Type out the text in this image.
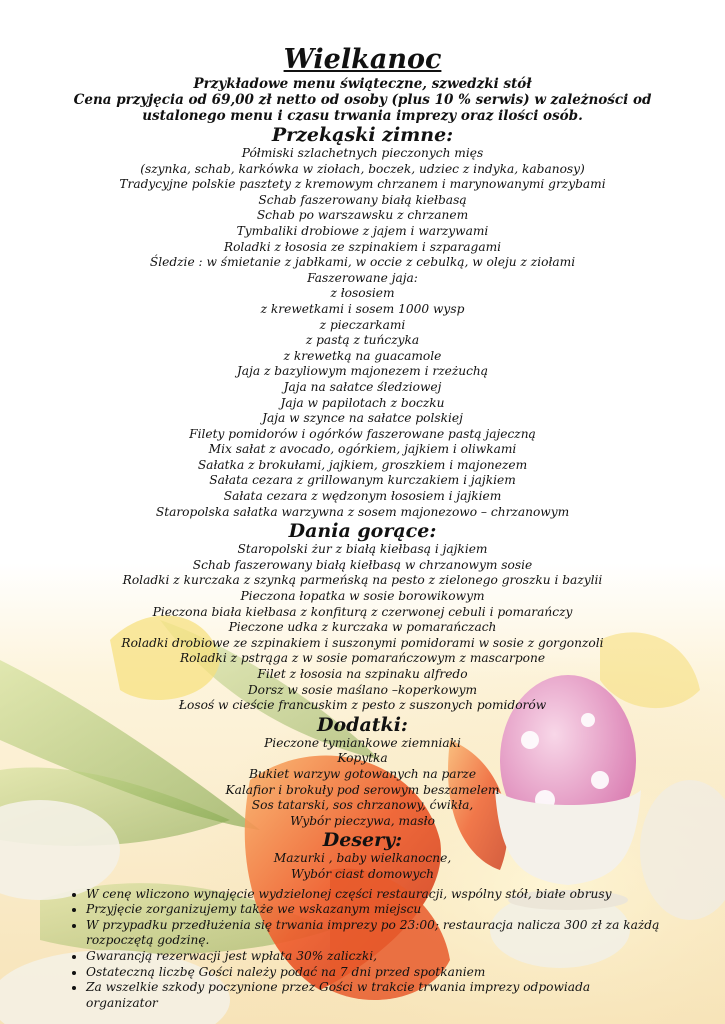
Wielkanoc

Przykładowe menu świąteczne, szwedzki stół

Cena przyjęcia od 69,00 zł netto od osoby (plus 10 % serwis) w zależności od ustalonego menu i czasu trwania imprezy oraz ilości osób.

Przekąski zimne:
Półmiski szlachetnych pieczonych mięs
(szynka, schab, karkówka w ziołach, boczek, udziec z indyka, kabanosy)
Tradycyjne polskie pasztety z kremowym chrzanem i marynowanymi grzybami
Schab faszerowany białą kiełbasą
Schab po warszawsku z chrzanem
Tymbaliki drobiowe z jajem i warzywami
Roladki z łososia ze szpinakiem i szparagami
Śledzie : w śmietanie z jabłkami, w occie z cebulką, w oleju z ziołami
Faszerowane jaja:
z łososiem
z krewetkami i sosem 1000 wysp
z pieczarkami
z pastą z tuńczyka
z krewetką na guacamole
Jaja z bazyliowym majonezem i rzeżuchą
Jaja na sałatce śledziowej
Jaja w papilotach z boczku
Jaja w szynce na sałatce polskiej
Filety pomidorów i ogórków faszerowane pastą jajeczną
Mix sałat z avocado, ogórkiem, jajkiem i oliwkami
Sałatka z brokułami, jajkiem, groszkiem i majonezem
Sałata cezara z grillowanym kurczakiem i jajkiem
Sałata cezara z wędzonym łososiem i jajkiem
Staropolska sałatka warzywna z sosem majonezowo – chrzanowym
Dania gorące:
Staropolski żur z białą kiełbasą i jajkiem
Schab faszerowany białą kiełbasą w chrzanowym sosie
Roladki z kurczaka z szynką parmeńską na pesto z zielonego groszku i bazylii
Pieczona łopatka w sosie borowikowym
Pieczona biała kiełbasa z konfiturą z czerwonej cebuli i pomarańczy
Pieczone udka z kurczaka w pomarańczach
Roladki drobiowe ze szpinakiem i suszonymi pomidorami w sosie z gorgonzoli
Roladki z pstrąga z w sosie pomarańczowym z mascarpone
Filet z łososia na szpinaku alfredo
Dorsz w sosie maślano –koperkowym
Łosoś w cieście francuskim z pesto z suszonych pomidorów
Dodatki:
Pieczone tymiankowe ziemniaki
Kopytka
Bukiet warzyw gotowanych na parze
Kalafior i brokuły pod serowym beszamelem
Sos tatarski, sos chrzanowy, ćwikła,
Wybór pieczywa, masło
Desery:
Mazurki , baby wielkanocne,
Wybór ciast domowych
• W cenę wliczono wynajęcie wydzielonej części restauracji, wspólny stół, białe obrusy
• Przyjęcie zorganizujemy także we wskazanym miejscu
• W przypadku przedłużenia się trwania imprezy po 23:00; restauracja nalicza 300 zł za każdą rozpoczętą godzinę.
• Gwarancją rezerwacji jest wpłata 30% zaliczki,
• Ostateczną liczbę Gości należy podać na 7 dni przed spotkaniem
• Za wszelkie szkody poczynione przez Gości w trakcie trwania imprezy odpowiada organizator
